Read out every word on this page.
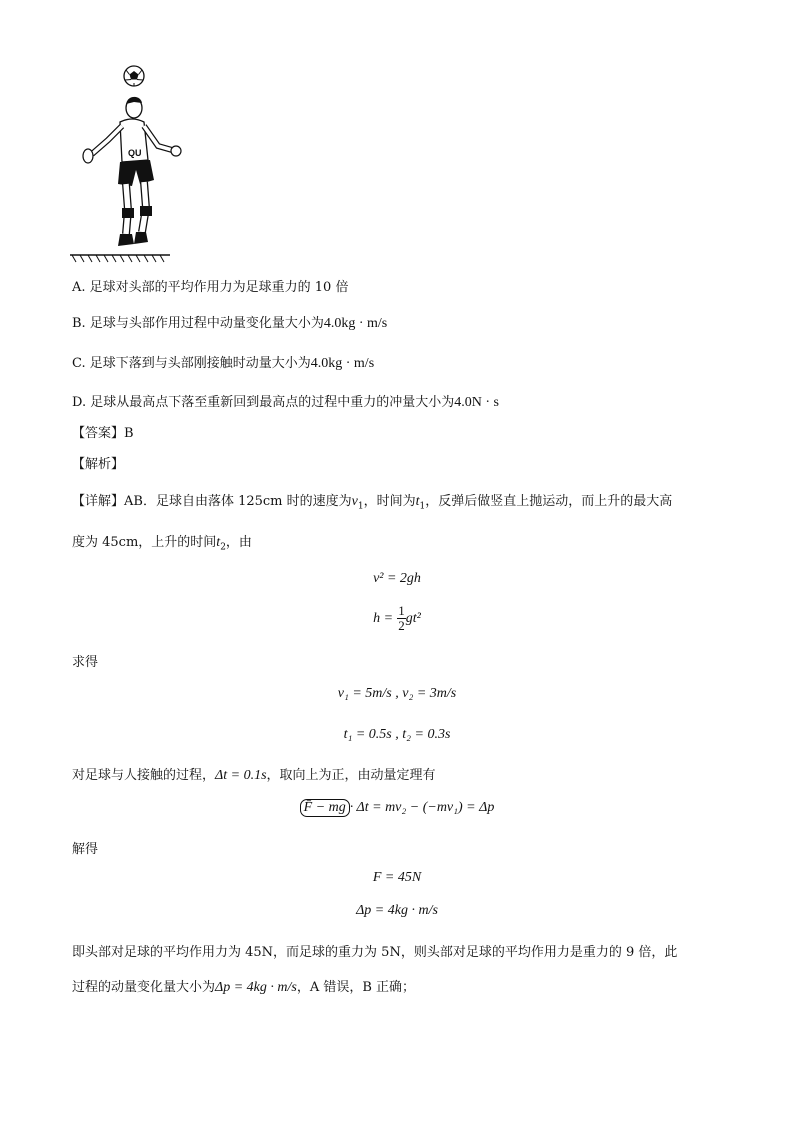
QU
A. 足球对头部的平均作用力为足球重力的 10 倍
B. 足球与头部作用过程中动量变化量大小为4.0kg · m/s
C. 足球下落到与头部刚接触时动量大小为4.0kg · m/s
D. 足球从最高点下落至重新回到最高点的过程中重力的冲量大小为4.0N · s
【答案】B
【解析】
【详解】AB．足球自由落体 125cm 时的速度为$v_1$，时间为$t_1$，反弹后做竖直上抛运动，而上升的最大高
度为 45cm，上升的时间$t_2$，由
v² = 2gh
$h = \frac{1}{2} gt^2$
求得
v₁ = 5m/s , v₂ = 3m/s
t₁ = 0.5s , t₂ = 0.3s
对足球与人接触的过程，Δt = 0.1s，取向上为正，由动量定理有
F̄ − mg · Δt = mv₂ − (−mv₁) = Δp
解得
F = 45N
Δp = 4kg · m/s
即头部对足球的平均作用力为 45N，而足球的重力为 5N，则头部对足球的平均作用力是重力的 9 倍，此
过程的动量变化量大小为Δp = 4kg · m/s，A 错误，B 正确；
